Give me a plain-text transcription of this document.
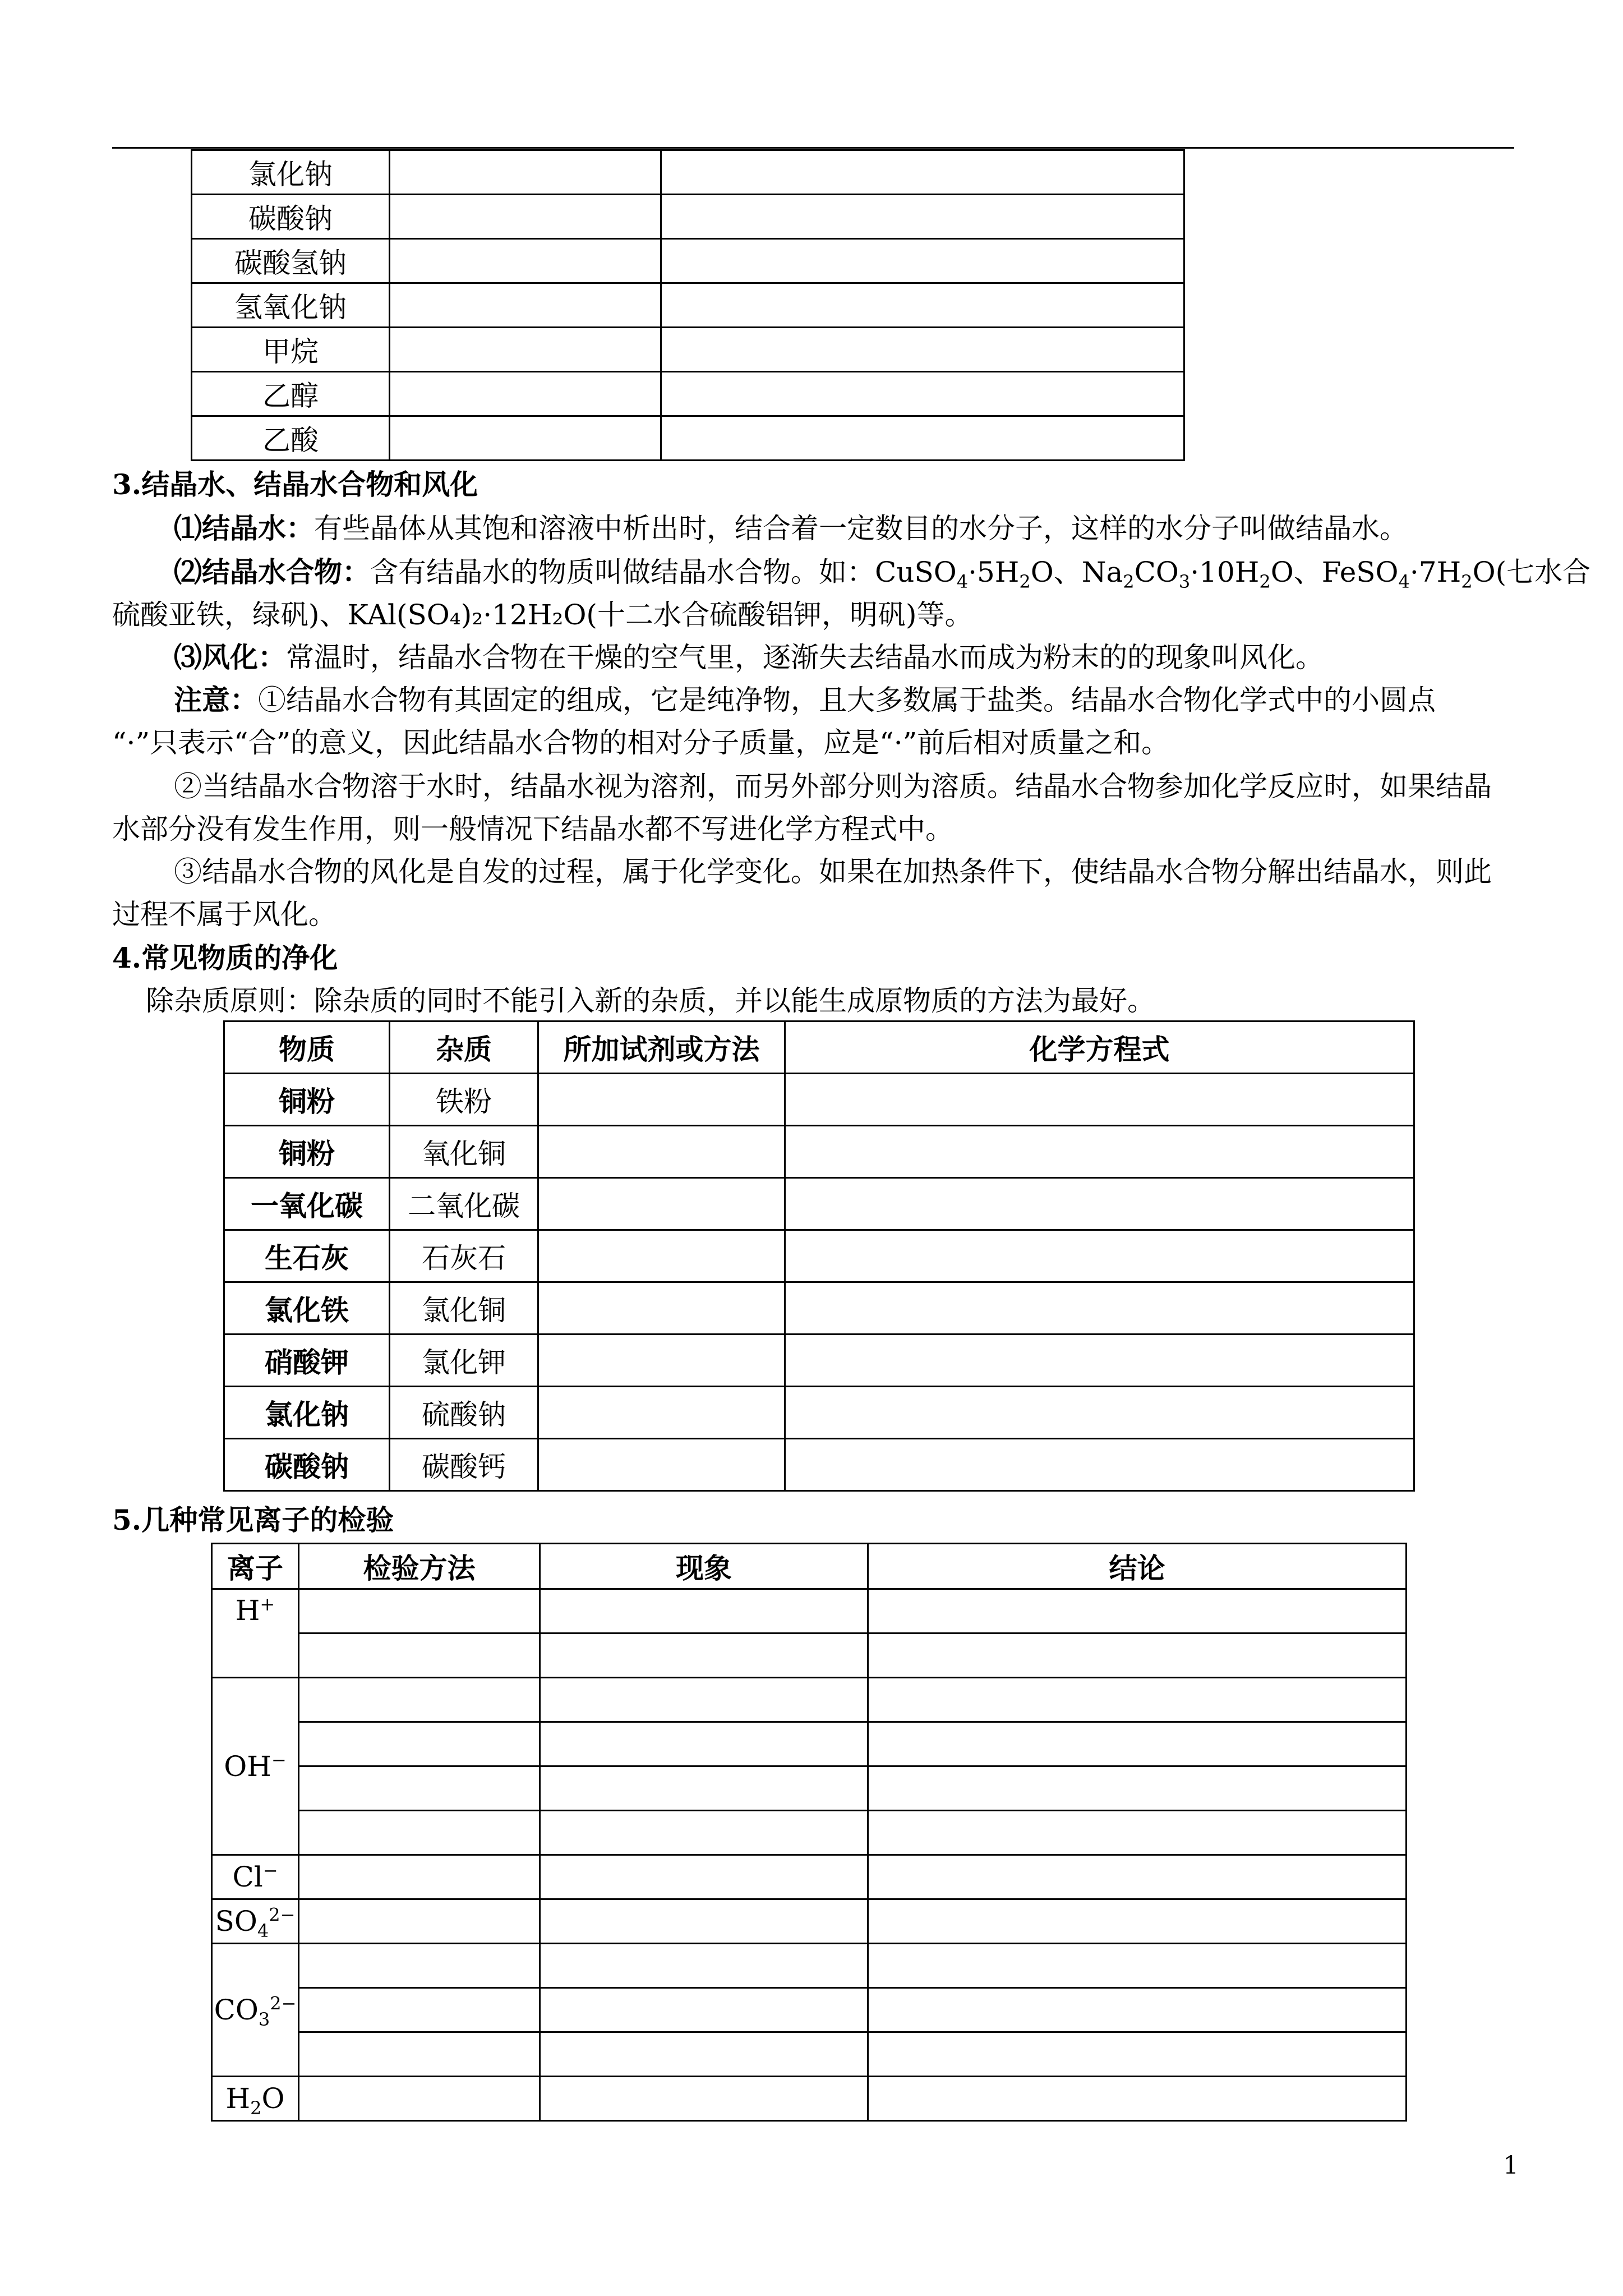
氯化钠		
碳酸钠		
碳酸氢钠		
氢氧化钠		
甲烷		
乙醇		
乙酸		
3.结晶水、结晶水合物和风化
⑴结晶水：有些晶体从其饱和溶液中析出时，结合着一定数目的水分子，这样的水分子叫做结晶水。
⑵结晶水合物：含有结晶水的物质叫做结晶水合物。如：$CuSO_4\cdot 5H_2O$、$Na_2CO_3\cdot 10H_2O$、$FeSO_4\cdot 7H_2O$(七水合
硫酸亚铁，绿矾)、KAl(SO₄)₂·12H₂O(十二水合硫酸铝钾，明矾)等。
⑶风化：常温时，结晶水合物在干燥的空气里，逐渐失去结晶水而成为粉末的的现象叫风化。
注意：①结晶水合物有其固定的组成，它是纯净物，且大多数属于盐类。结晶水合物化学式中的小圆点
“·”只表示“合”的意义，因此结晶水合物的相对分子质量，应是“·”前后相对质量之和。
②当结晶水合物溶于水时，结晶水视为溶剂，而另外部分则为溶质。结晶水合物参加化学反应时，如果结晶
水部分没有发生作用，则一般情况下结晶水都不写进化学方程式中。
③结晶水合物的风化是自发的过程，属于化学变化。如果在加热条件下，使结晶水合物分解出结晶水，则此
过程不属于风化。
4.常见物质的净化
除杂质原则：除杂质的同时不能引入新的杂质，并以能生成原物质的方法为最好。
物质	杂质	所加试剂或方法	化学方程式
铜粉	铁粉		
铜粉	氧化铜		
一氧化碳	二氧化碳		
生石灰	石灰石		
氯化铁	氯化铜		
硝酸钾	氯化钾		
氯化钠	硫酸钠		
碳酸钠	碳酸钙		
5.几种常见离子的检验
离子	检验方法	现象	结论
H+			

OH−			

Cl−			
$SO_4^{2-}$			
$CO_3^{2-}$			

$H_2O$			
1
